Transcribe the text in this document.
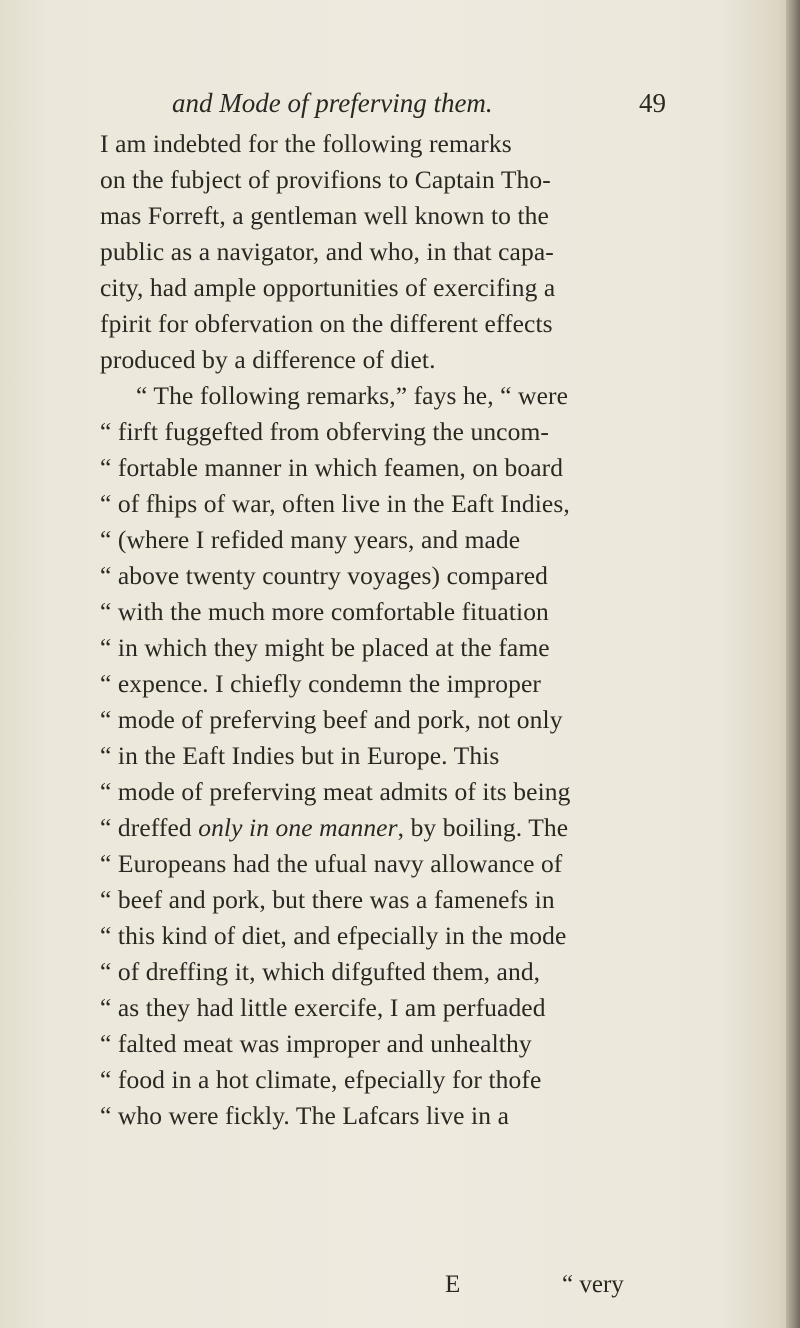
and Mode of preferving them.	49
I am indebted for the following remarks
on the fubject of provifions to Captain Tho-
mas Forreft, a gentleman well known to the
public as a navigator, and who, in that capa-
city, had ample opportunities of exercifing a
fpirit for obfervation on the different effects
produced by a difference of diet.
“ The following remarks,” fays he, “ were
“ firft fuggefted from obferving the uncom-
“ fortable manner in which feamen, on board
“ of fhips of war, often live in the Eaft Indies,
“ (where I refided many years, and made
“ above twenty country voyages) compared
“ with the much more comfortable fituation
“ in which they might be placed at the fame
“ expence. I chiefly condemn the improper
“ mode of preferving beef and pork, not only
“ in the Eaft Indies but in Europe. This
“ mode of preferving meat admits of its being
“ dreffed only in one manner, by boiling. The
“ Europeans had the ufual navy allowance of
“ beef and pork, but there was a famenefs in
“ this kind of diet, and efpecially in the mode
“ of dreffing it, which difgufted them, and,
“ as they had little exercife, I am perfuaded
“ falted meat was improper and unhealthy
“ food in a hot climate, efpecially for thofe
“ who were fickly. The Lafcars live in a
E	“ very
